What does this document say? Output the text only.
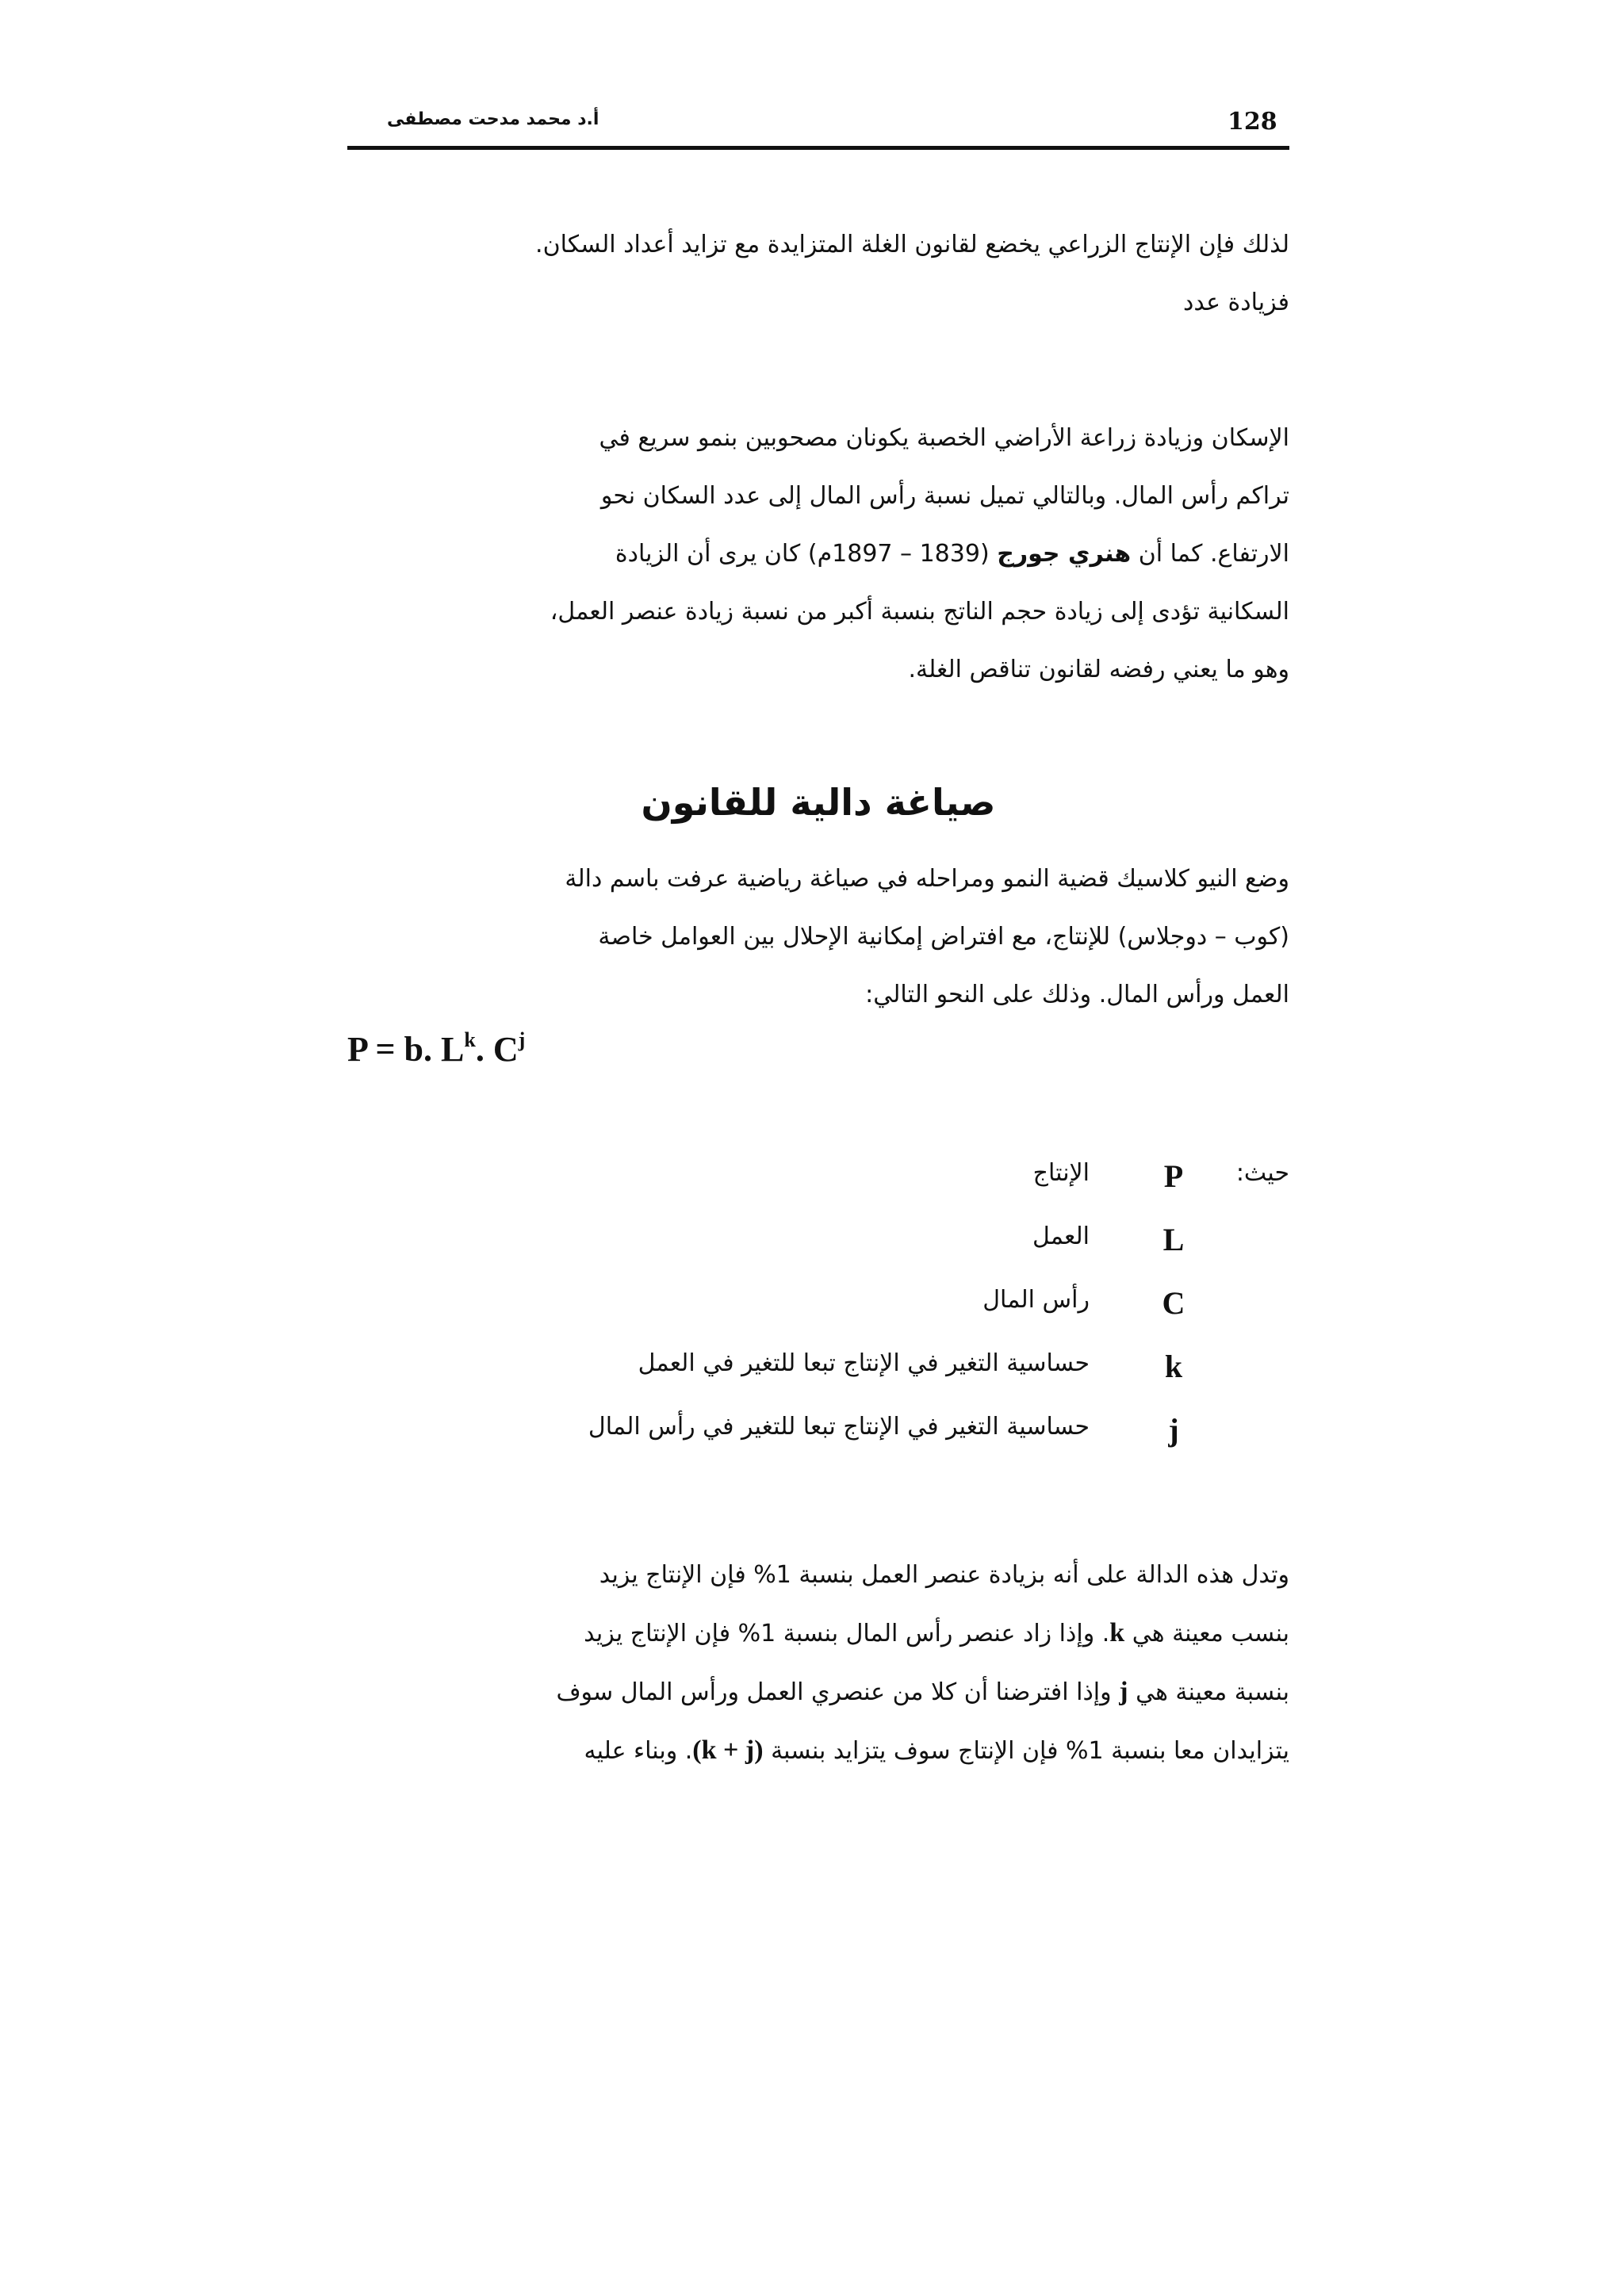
128
أ.د محمد مدحت مصطفى
لذلك فإن الإنتاج الزراعي يخضع لقانون الغلة المتزايدة مع تزايد أعداد السكان.
فزيادة عدد
الإسكان وزيادة زراعة الأراضي الخصبة يكونان مصحوبين بنمو سريع في
تراكم رأس المال. وبالتالي تميل نسبة رأس المال إلى عدد السكان نحو
الارتفاع. كما أن هنري جورج (1839 – 1897م) كان يرى أن الزيادة
السكانية تؤدى إلى زيادة حجم الناتج بنسبة أكبر من نسبة زيادة عنصر العمل،
وهو ما يعني رفضه لقانون تناقص الغلة.
صياغة دالية للقانون
وضع النيو كلاسيك قضية النمو ومراحله في صياغة رياضية عرفت باسم دالة
(كوب – دوجلاس) للإنتاج، مع افتراض إمكانية الإحلال بين العوامل خاصة
العمل ورأس المال. وذلك على النحو التالي:
P = b. $L^k$. $C^j$
حيث:
P
الإنتاج
L
العمل
C
رأس المال
k
حساسية التغير في الإنتاج تبعا للتغير في العمل
j
حساسية التغير في الإنتاج تبعا للتغير في رأس المال
وتدل هذه الدالة على أنه بزيادة عنصر العمل بنسبة 1% فإن الإنتاج يزيد
بنسب معينة هي k. وإذا زاد عنصر رأس المال بنسبة 1% فإن الإنتاج يزيد
بنسبة معينة هي j وإذا افترضنا أن كلا من عنصري العمل ورأس المال سوف
يتزايدان معا بنسبة 1% فإن الإنتاج سوف يتزايد بنسبة (k + j). وبناء عليه
